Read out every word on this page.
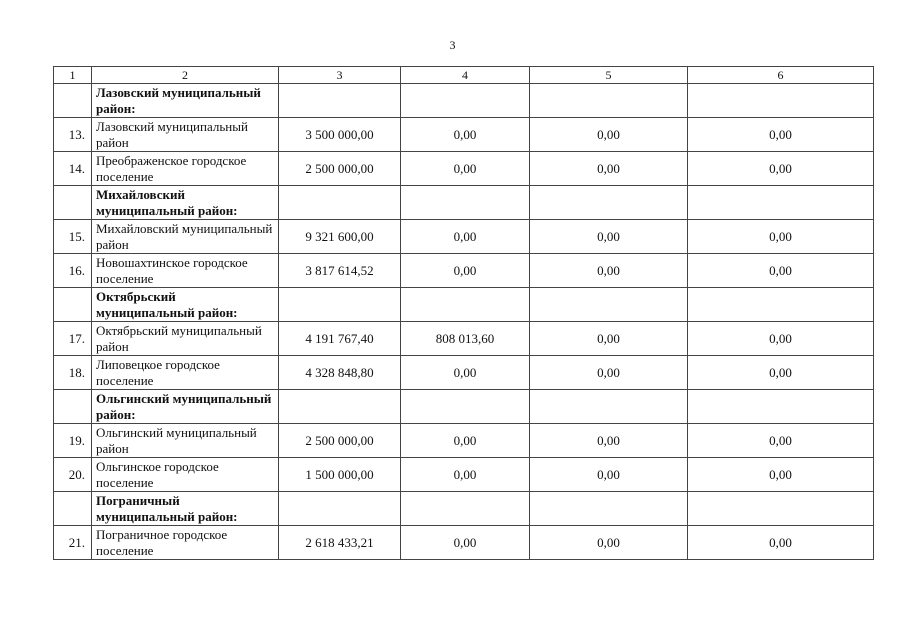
3
1	2	3	4	5	6
	Лазовский муниципальный район:				
13.	Лазовский муниципальный район	3 500 000,00	0,00	0,00	0,00
14.	Преображенское городское поселение	2 500 000,00	0,00	0,00	0,00
	Михайловский муниципальный район:				
15.	Михайловский муниципальный район	9 321 600,00	0,00	0,00	0,00
16.	Новошахтинское городское поселение	3 817 614,52	0,00	0,00	0,00
	Октябрьский муниципальный район:				
17.	Октябрьский муниципальный район	4 191 767,40	808 013,60	0,00	0,00
18.	Липовецкое городское поселение	4 328 848,80	0,00	0,00	0,00
	Ольгинский муниципальный район:				
19.	Ольгинский муниципальный район	2 500 000,00	0,00	0,00	0,00
20.	Ольгинское городское поселение	1 500 000,00	0,00	0,00	0,00
	Пограничный муниципальный район:				
21.	Пограничное городское поселение	2 618 433,21	0,00	0,00	0,00
